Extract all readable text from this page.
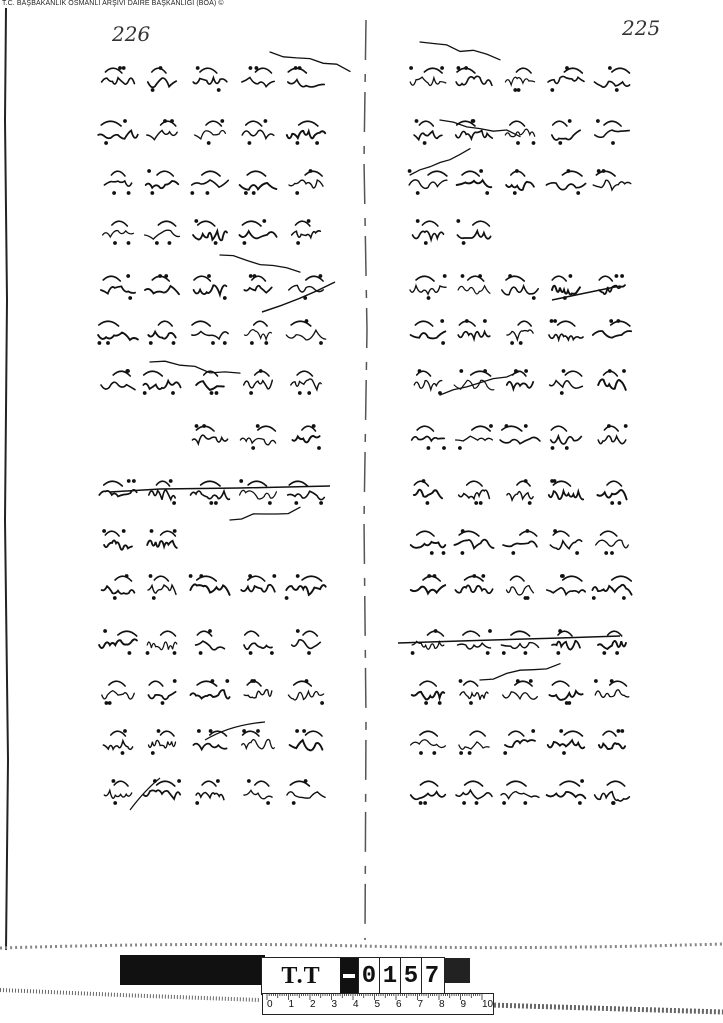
T.C. BAŞBAKANLIK OSMANLI ARŞİVİ DAİRE BAŞKANLIĞI (BOA) ©
226	225
T.T	0 1 5 7
0 1 2 3 4 5 6 7 8 9 10
